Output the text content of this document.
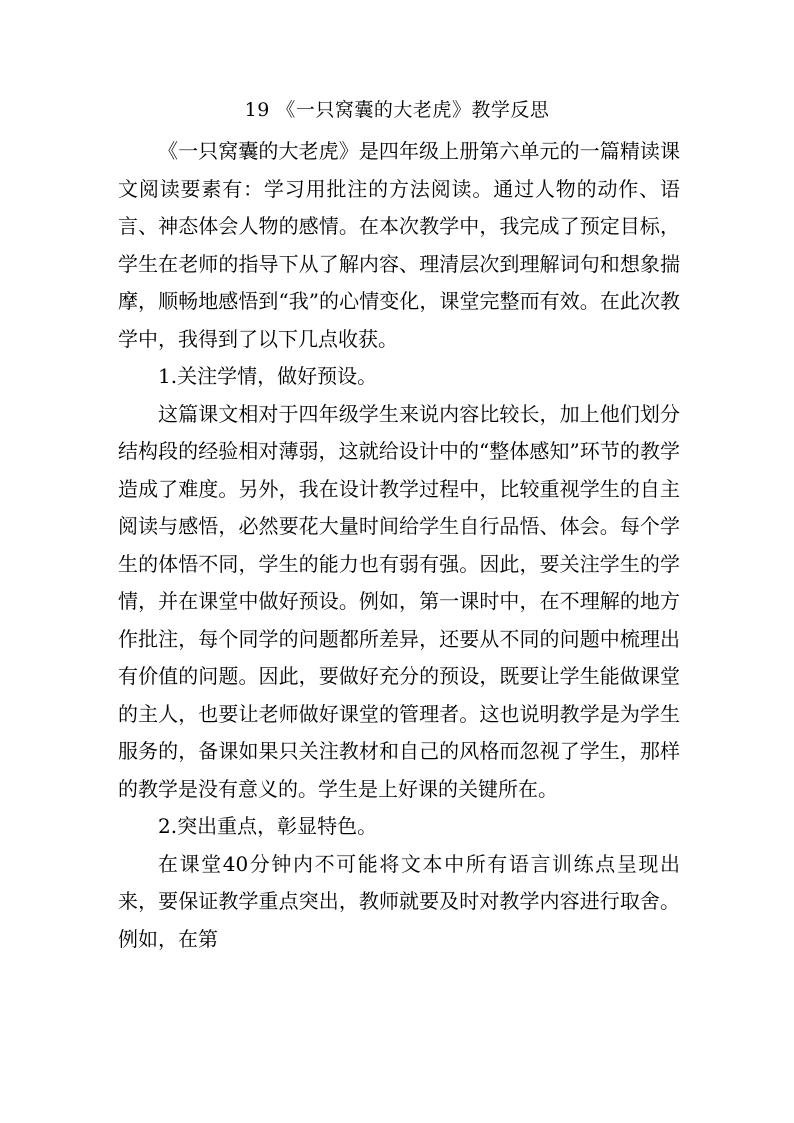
19 《一只窝囊的大老虎》教学反思

《一只窝囊的大老虎》是四年级上册第六单元的一篇精读课文阅读要素有：学习用批注的方法阅读。通过人物的动作、语言、神态体会人物的感情。在本次教学中，我完成了预定目标，学生在老师的指导下从了解内容、理清层次到理解词句和想象揣摩，顺畅地感悟到“我”的心情变化，课堂完整而有效。在此次教学中，我得到了以下几点收获。

1.关注学情，做好预设。

这篇课文相对于四年级学生来说内容比较长，加上他们划分结构段的经验相对薄弱，这就给设计中的“整体感知”环节的教学造成了难度。另外，我在设计教学过程中，比较重视学生的自主阅读与感悟，必然要花大量时间给学生自行品悟、体会。每个学生的体悟不同，学生的能力也有弱有强。因此，要关注学生的学情，并在课堂中做好预设。例如，第一课时中，在不理解的地方作批注，每个同学的问题都所差异，还要从不同的问题中梳理出有价值的问题。因此，要做好充分的预设，既要让学生能做课堂的主人，也要让老师做好课堂的管理者。这也说明教学是为学生服务的，备课如果只关注教材和自己的风格而忽视了学生，那样的教学是没有意义的。学生是上好课的关键所在。

2.突出重点，彰显特色。

在课堂40分钟内不可能将文本中所有语言训练点呈现出来，要保证教学重点突出，教师就要及时对教学内容进行取舍。例如，在第
